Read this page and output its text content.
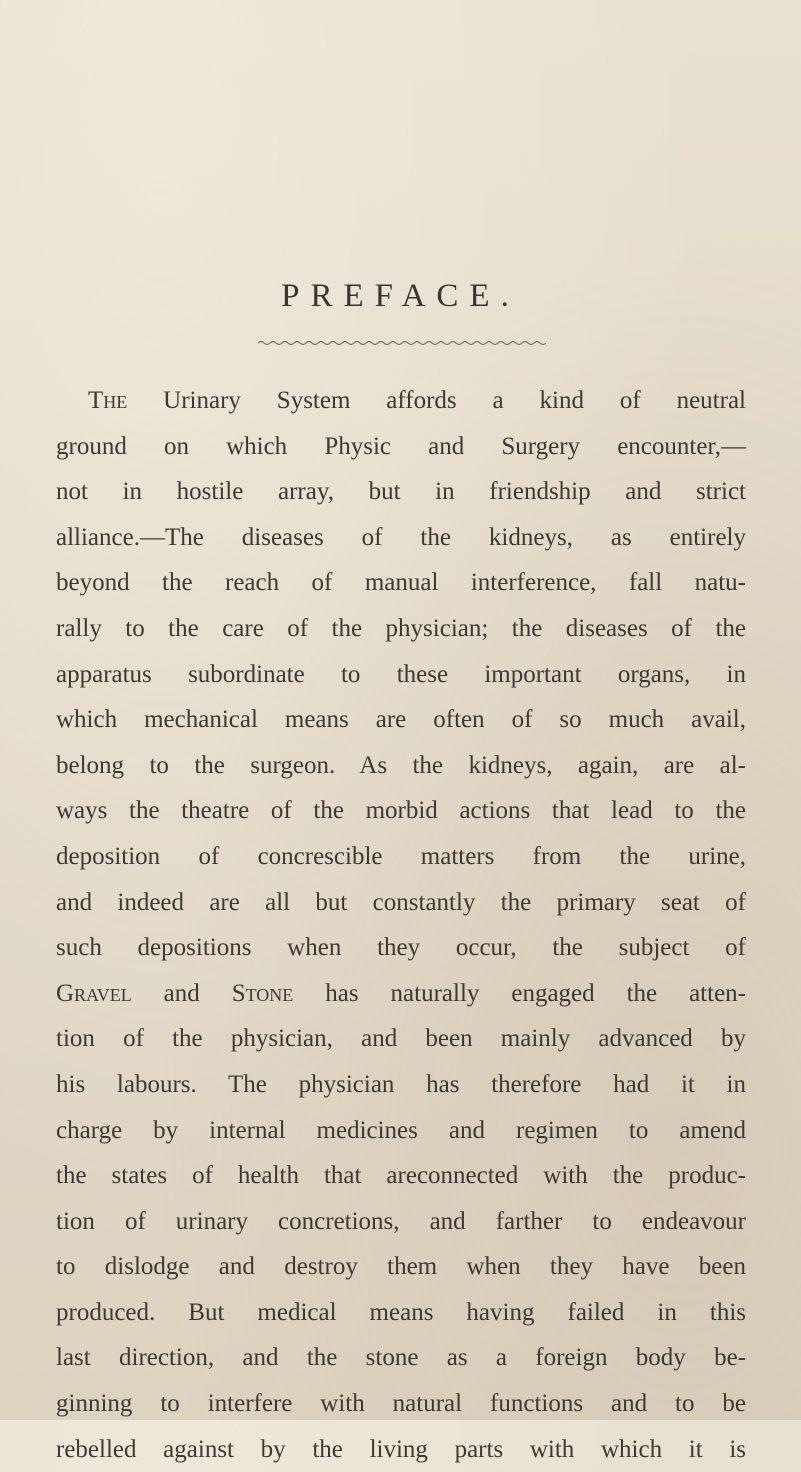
PREFACE.
The Urinary System affords a kind of neutral
ground on which Physic and Surgery encounter,—
not in hostile array, but in friendship and strict
alliance.—The diseases of the kidneys, as entirely
beyond the reach of manual interference, fall natu-
rally to the care of the physician; the diseases of the
apparatus subordinate to these important organs, in
which mechanical means are often of so much avail,
belong to the surgeon. As the kidneys, again, are al-
ways the theatre of the morbid actions that lead to the
deposition of concrescible matters from the urine,
and indeed are all but constantly the primary seat of
such depositions when they occur, the subject of
Gravel and Stone has naturally engaged the atten-
tion of the physician, and been mainly advanced by
his labours. The physician has therefore had it in
charge by internal medicines and regimen to amend
the states of health that areconnected with the produc-
tion of urinary concretions, and farther to endeavour
to dislodge and destroy them when they have been
produced. But medical means having failed in this
last direction, and the stone as a foreign body be-
ginning to interfere with natural functions and to be
rebelled against by the living parts with which it is
